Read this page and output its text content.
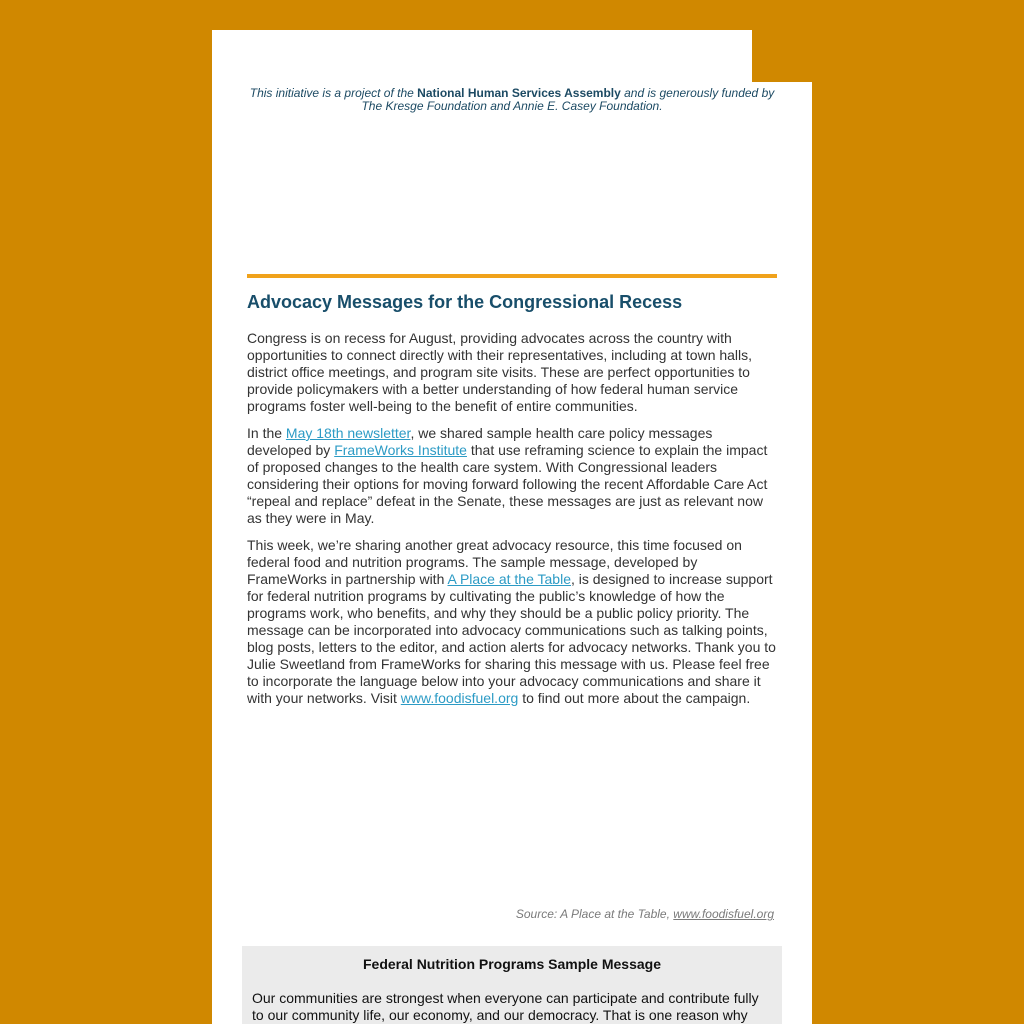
This initiative is a project of the National Human Services Assembly and is generously funded by The Kresge Foundation and Annie E. Casey Foundation.
Advocacy Messages for the Congressional Recess

Congress is on recess for August, providing advocates across the country with opportunities to connect directly with their representatives, including at town halls, district office meetings, and program site visits. These are perfect opportunities to provide policymakers with a better understanding of how federal human service programs foster well-being to the benefit of entire communities.

In the May 18th newsletter, we shared sample health care policy messages developed by FrameWorks Institute that use reframing science to explain the impact of proposed changes to the health care system. With Congressional leaders considering their options for moving forward following the recent Affordable Care Act “repeal and replace” defeat in the Senate, these messages are just as relevant now as they were in May.

This week, we’re sharing another great advocacy resource, this time focused on federal food and nutrition programs. The sample message, developed by FrameWorks in partnership with A Place at the Table, is designed to increase support for federal nutrition programs by cultivating the public’s knowledge of how the programs work, who benefits, and why they should be a public policy priority. The message can be incorporated into advocacy communications such as talking points, blog posts, letters to the editor, and action alerts for advocacy networks. Thank you to Julie Sweetland from FrameWorks for sharing this message with us. Please feel free to incorporate the language below into your advocacy communications and share it with your networks. Visit www.foodisfuel.org to find out more about the campaign.

Source: A Place at the Table, www.foodisfuel.org
Federal Nutrition Programs Sample Message
Our communities are strongest when everyone can participate and contribute fully to our community life, our economy, and our democracy. That is one reason why
